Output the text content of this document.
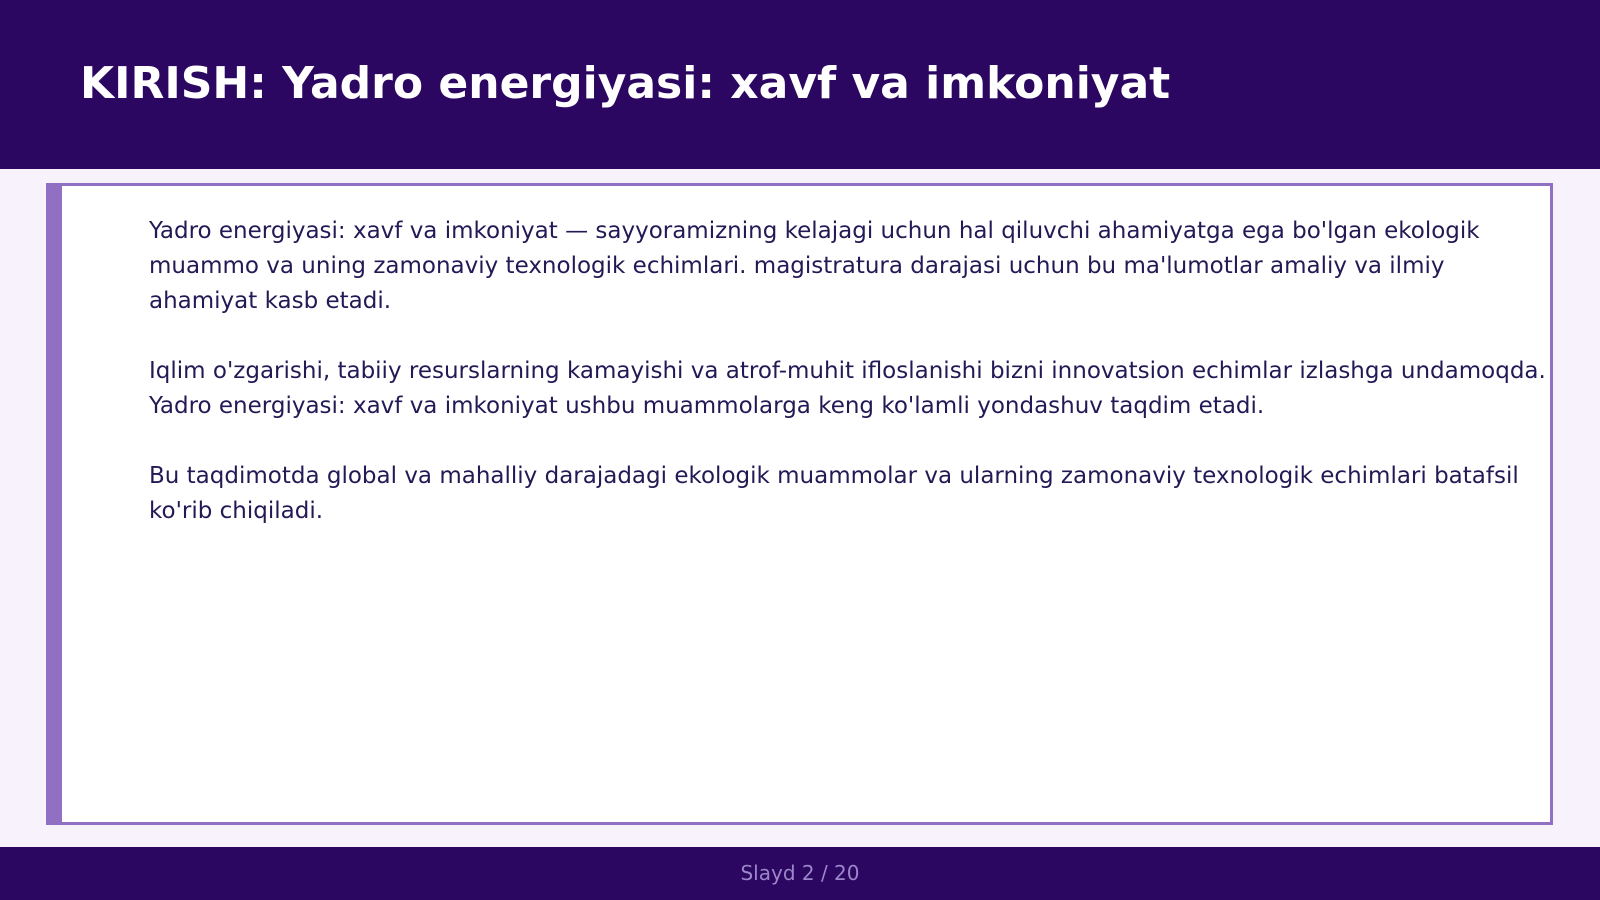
KIRISH: Yadro energiyasi: xavf va imkoniyat

Yadro energiyasi: xavf va imkoniyat — sayyoramizning kelajagi uchun hal qiluvchi ahamiyatga ega bo'lgan ekologik muammo va uning zamonaviy texnologik echimlari. magistratura darajasi uchun bu ma'lumotlar amaliy va ilmiy ahamiyat kasb etadi.

Iqlim o'zgarishi, tabiiy resurslarning kamayishi va atrof-muhit ifloslanishi bizni innovatsion echimlar izlashga undamoqda. Yadro energiyasi: xavf va imkoniyat ushbu muammolarga keng ko'lamli yondashuv taqdim etadi.

Bu taqdimotda global va mahalliy darajadagi ekologik muammolar va ularning zamonaviy texnologik echimlari batafsil ko'rib chiqiladi.

Slayd 2 / 20
